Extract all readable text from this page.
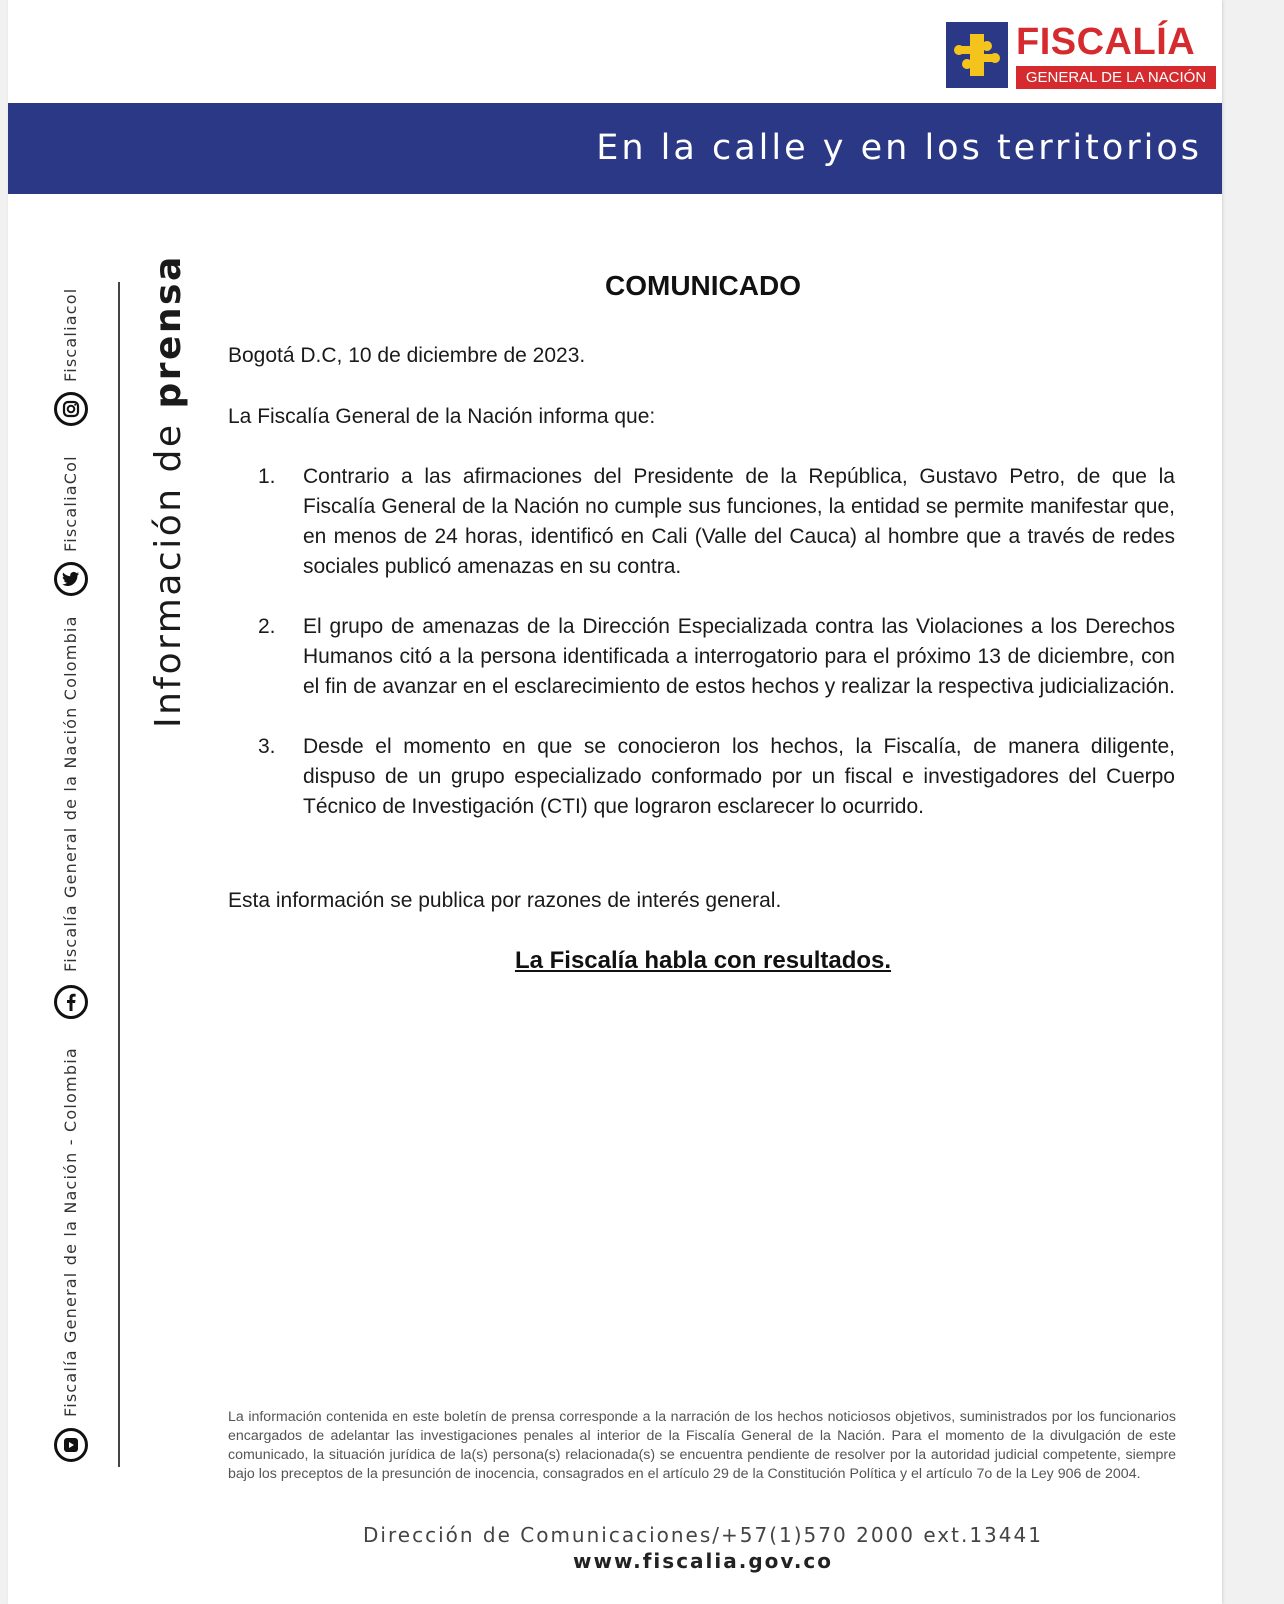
FISCALÍA
GENERAL DE LA NACIÓN
En la calle y en los territorios
Fiscaliacol
FiscaliaCol
Fiscalía General de la Nación Colombia
Fiscalía General de la Nación - Colombia
Información de prensa	COMUNICADO
Bogotá D.C, 10 de diciembre de 2023.
La Fiscalía General de la Nación informa que:
1. Contrario a las afirmaciones del Presidente de la República, Gustavo Petro, de que la Fiscalía General de la Nación no cumple sus funciones, la entidad se permite manifestar que, en menos de 24 horas, identificó en Cali (Valle del Cauca) al hombre que a través de redes sociales publicó amenazas en su contra.
2. El grupo de amenazas de la Dirección Especializada contra las Violaciones a los Derechos Humanos citó a la persona identificada a interrogatorio para el próximo 13 de diciembre, con el fin de avanzar en el esclarecimiento de estos hechos y realizar la respectiva judicialización.
3. Desde el momento en que se conocieron los hechos, la Fiscalía, de manera diligente, dispuso de un grupo especializado conformado por un fiscal e investigadores del Cuerpo Técnico de Investigación (CTI) que lograron esclarecer lo ocurrido.
Esta información se publica por razones de interés general.
La Fiscalía habla con resultados.
La información contenida en este boletín de prensa corresponde a la narración de los hechos noticiosos objetivos, suministrados por los funcionarios encargados de adelantar las investigaciones penales al interior de la Fiscalía General de la Nación. Para el momento de la divulgación de este comunicado, la situación jurídica de la(s) persona(s) relacionada(s) se encuentra pendiente de resolver por la autoridad judicial competente, siempre bajo los preceptos de la presunción de inocencia, consagrados en el artículo 29 de la Constitución Política y el artículo 7o de la Ley 906 de 2004.
Dirección de Comunicaciones/+57(1)570 2000 ext.13441
www.fiscalia.gov.co
